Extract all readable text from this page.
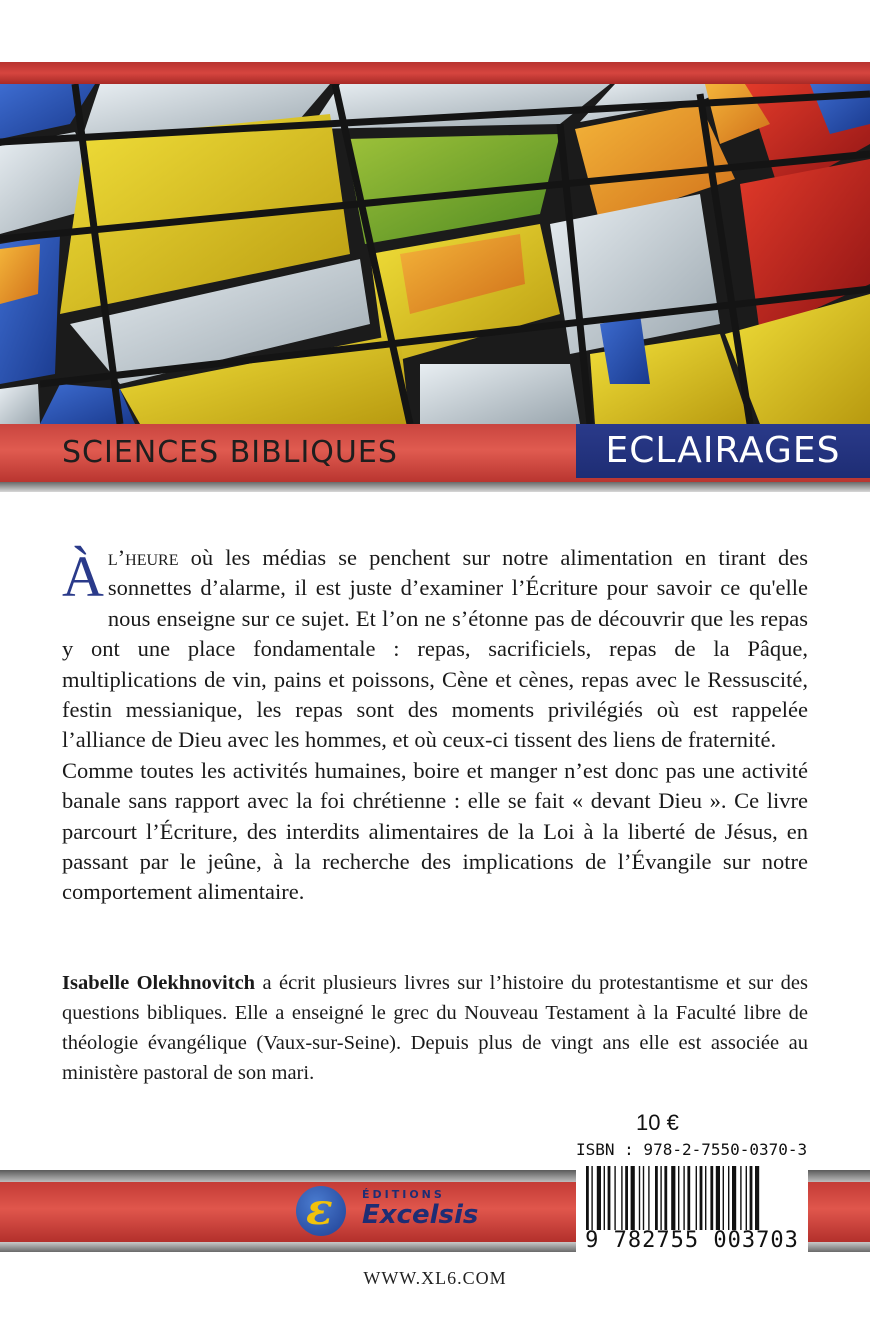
SCIENCES BIBLIQUES	ECLAIRAGES

Àl’heure où les médias se penchent sur notre alimentation en tirant des sonnettes d’alarme, il est juste d’examiner l’Écriture pour savoir ce qu'elle nous enseigne sur ce sujet. Et l’on ne s’étonne pas de découvrir que les repas y ont une place fondamentale : repas, sacrificiels, repas de la Pâque, multiplications de vin, pains et poissons, Cène et cènes, repas avec le Ressuscité, festin messianique, les repas sont des moments privilégiés où est rappelée l’alliance de Dieu avec les hommes, et où ceux-ci tissent des liens de fraternité.

Comme toutes les activités humaines, boire et manger n’est donc pas une activité banale sans rapport avec la foi chrétienne : elle se fait « devant Dieu ». Ce livre parcourt l’Écriture, des interdits alimentaires de la Loi à la liberté de Jésus, en passant par le jeûne, à la recherche des implications de l’Évangile sur notre comportement alimentaire.

Isabelle Olekhnovitch a écrit plusieurs livres sur l’histoire du protestantisme et sur des questions bibliques. Elle a enseigné le grec du Nouveau Testament à la Faculté libre de théologie évangélique (Vaux-sur-Seine). Depuis plus de vingt ans elle est associée au ministère pastoral de son mari.

10 €
ISBN : 978-2-7550-0370-3
ε	ÉDITIONS
Excelsis
9 782755 003703
WWW.XL6.COM
